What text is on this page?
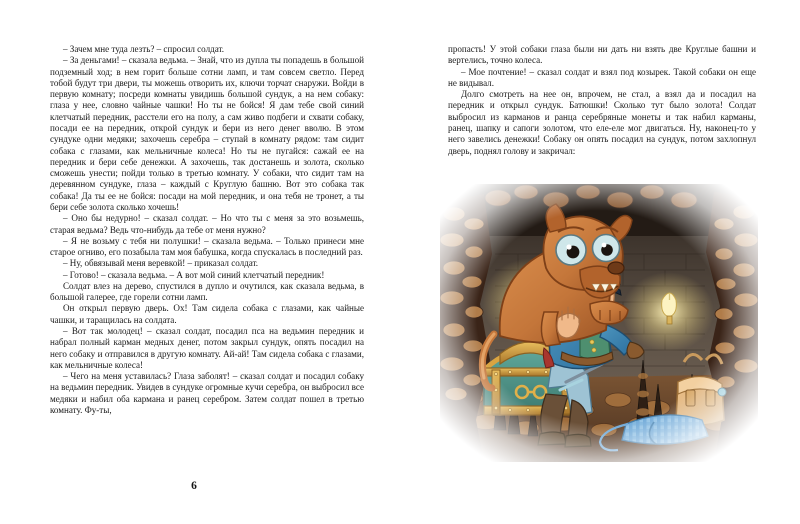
– Зачем мне туда лезть? – спросил солдат.

– За деньгами! – сказала ведьма. – Знай, что из дупла ты попадешь в большой подземный ход; в нем горит больше сотни ламп, и там совсем светло. Перед тобой будут три двери, ты можешь отворить их, ключи торчат снаружи. Войди в первую комнату; посреди комнаты увидишь большой сундук, а на нем собаку: глаза у нее, словно чайные чашки! Но ты не бойся! Я дам тебе свой синий клетчатый передник, расстели его на полу, а сам живо подбеги и схвати собаку, посади ее на передник, открой сундук и бери из него денег вволю. В этом сундуке одни медяки; захочешь серебра – ступай в комнату рядом: там сидит собака с глазами, как мельничные колеса! Но ты не пугайся: сажай ее на передник и бери себе денежки. А захочешь, так достанешь и золота, сколько сможешь унести; пойди только в третью комнату. У собаки, что сидит там на деревянном сундуке, глаза – каждый с Круглую башню. Вот это собака так собака! Да ты ее не бойся: посади на мой передник, и она тебя не тронет, а ты бери себе золота сколько хочешь!

– Оно бы недурно! – сказал солдат. – Но что ты с меня за это возьмешь, старая ведьма? Ведь что-нибудь да тебе от меня нужно?

– Я не возьму с тебя ни полушки! – сказала ведьма. – Только принеси мне старое огниво, его позабыла там моя бабушка, когда спускалась в последний раз.

– Ну, обвязывай меня веревкой! – приказал солдат.

– Готово! – сказала ведьма. – А вот мой синий клетчатый передник!

Солдат влез на дерево, спустился в дупло и очутился, как сказала ведьма, в большой галерее, где горели сотни ламп.

Он открыл первую дверь. Ох! Там сидела собака с глазами, как чайные чашки, и таращилась на солдата.

– Вот так молодец! – сказал солдат, посадил пса на ведьмин передник и набрал полный карман медных денег, потом закрыл сундук, опять посадил на него собаку и отправился в другую комнату. Ай-ай! Там сидела собака с глазами, как мельничные колеса!

– Чего на меня уставилась? Глаза заболят! – сказал солдат и посадил собаку на ведьмин передник. Увидев в сундуке огромные кучи серебра, он выбросил все медяки и набил оба кармана и ранец серебром. Затем солдат пошел в третью комнату. Фу-ты,

6

пропасть! У этой собаки глаза были ни дать ни взять две Круглые башни и вертелись, точно колеса.

– Мое почтение! – сказал солдат и взял под козырек. Такой собаки он еще не видывал.

Долго смотреть на нее он, впрочем, не стал, а взял да и посадил на передник и открыл сундук. Батюшки! Сколько тут было золота! Солдат выбросил из карманов и ранца серебряные монеты и так набил карманы, ранец, шапку и сапоги золотом, что еле-еле мог двигаться. Ну, наконец-то у него завелись денежки! Собаку он опять посадил на сундук, потом захлопнул дверь, поднял голову и закричал:
